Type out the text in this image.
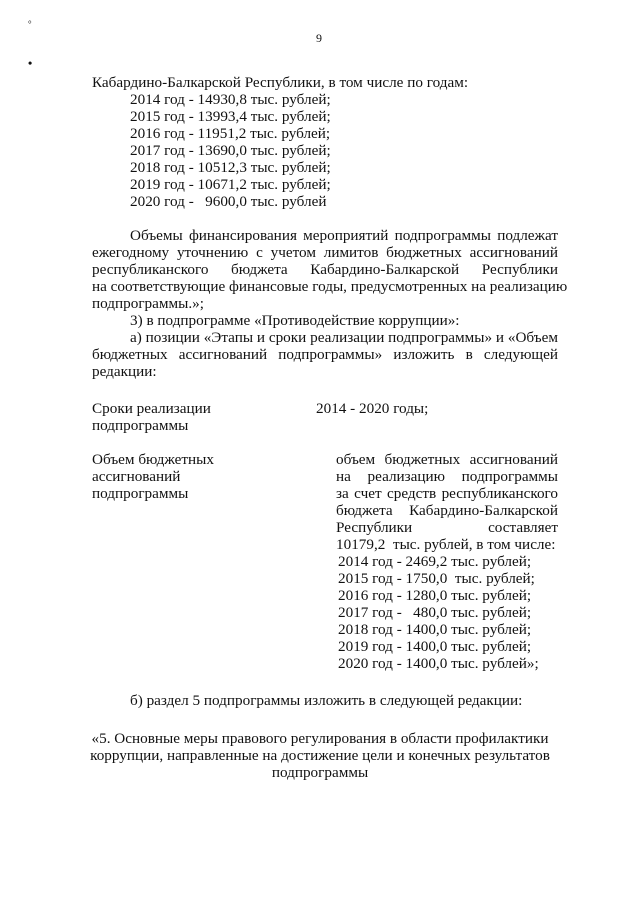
9
°
•
Кабардино-Балкарской Республики, в том числе по годам:
2014 год - 14930,8 тыс. рублей;
2015 год - 13993,4 тыс. рублей;
2016 год - 11951,2 тыс. рублей;
2017 год - 13690,0 тыс. рублей;
2018 год - 10512,3 тыс. рублей;
2019 год - 10671,2 тыс. рублей;
2020 год -   9600,0 тыс. рублей
Объемы финансирования мероприятий подпрограммы подлежат
ежегодному уточнению с учетом лимитов бюджетных ассигнований
республиканского бюджета Кабардино-Балкарской Республики
на соответствующие финансовые годы, предусмотренных на реализацию
подпрограммы.»;
3) в подпрограмме «Противодействие коррупции»:
а) позиции «Этапы и сроки реализации подпрограммы» и «Объем
бюджетных ассигнований подпрограммы» изложить в следующей
редакции:
Сроки реализации
подпрограммы
2014 - 2020 годы;
Объем бюджетных
ассигнований
подпрограммы
объем бюджетных ассигнований
на реализацию подпрограммы
за счет средств республиканского
бюджета Кабардино-Балкарской
Республики составляет
10179,2  тыс. рублей, в том числе:
2014 год - 2469,2 тыс. рублей;
2015 год - 1750,0  тыс. рублей;
2016 год - 1280,0 тыс. рублей;
2017 год -   480,0 тыс. рублей;
2018 год - 1400,0 тыс. рублей;
2019 год - 1400,0 тыс. рублей;
2020 год - 1400,0 тыс. рублей»;
б) раздел 5 подпрограммы изложить в следующей редакции:
«5. Основные меры правового регулирования в области профилактики
коррупции, направленные на достижение цели и конечных результатов
подпрограммы
